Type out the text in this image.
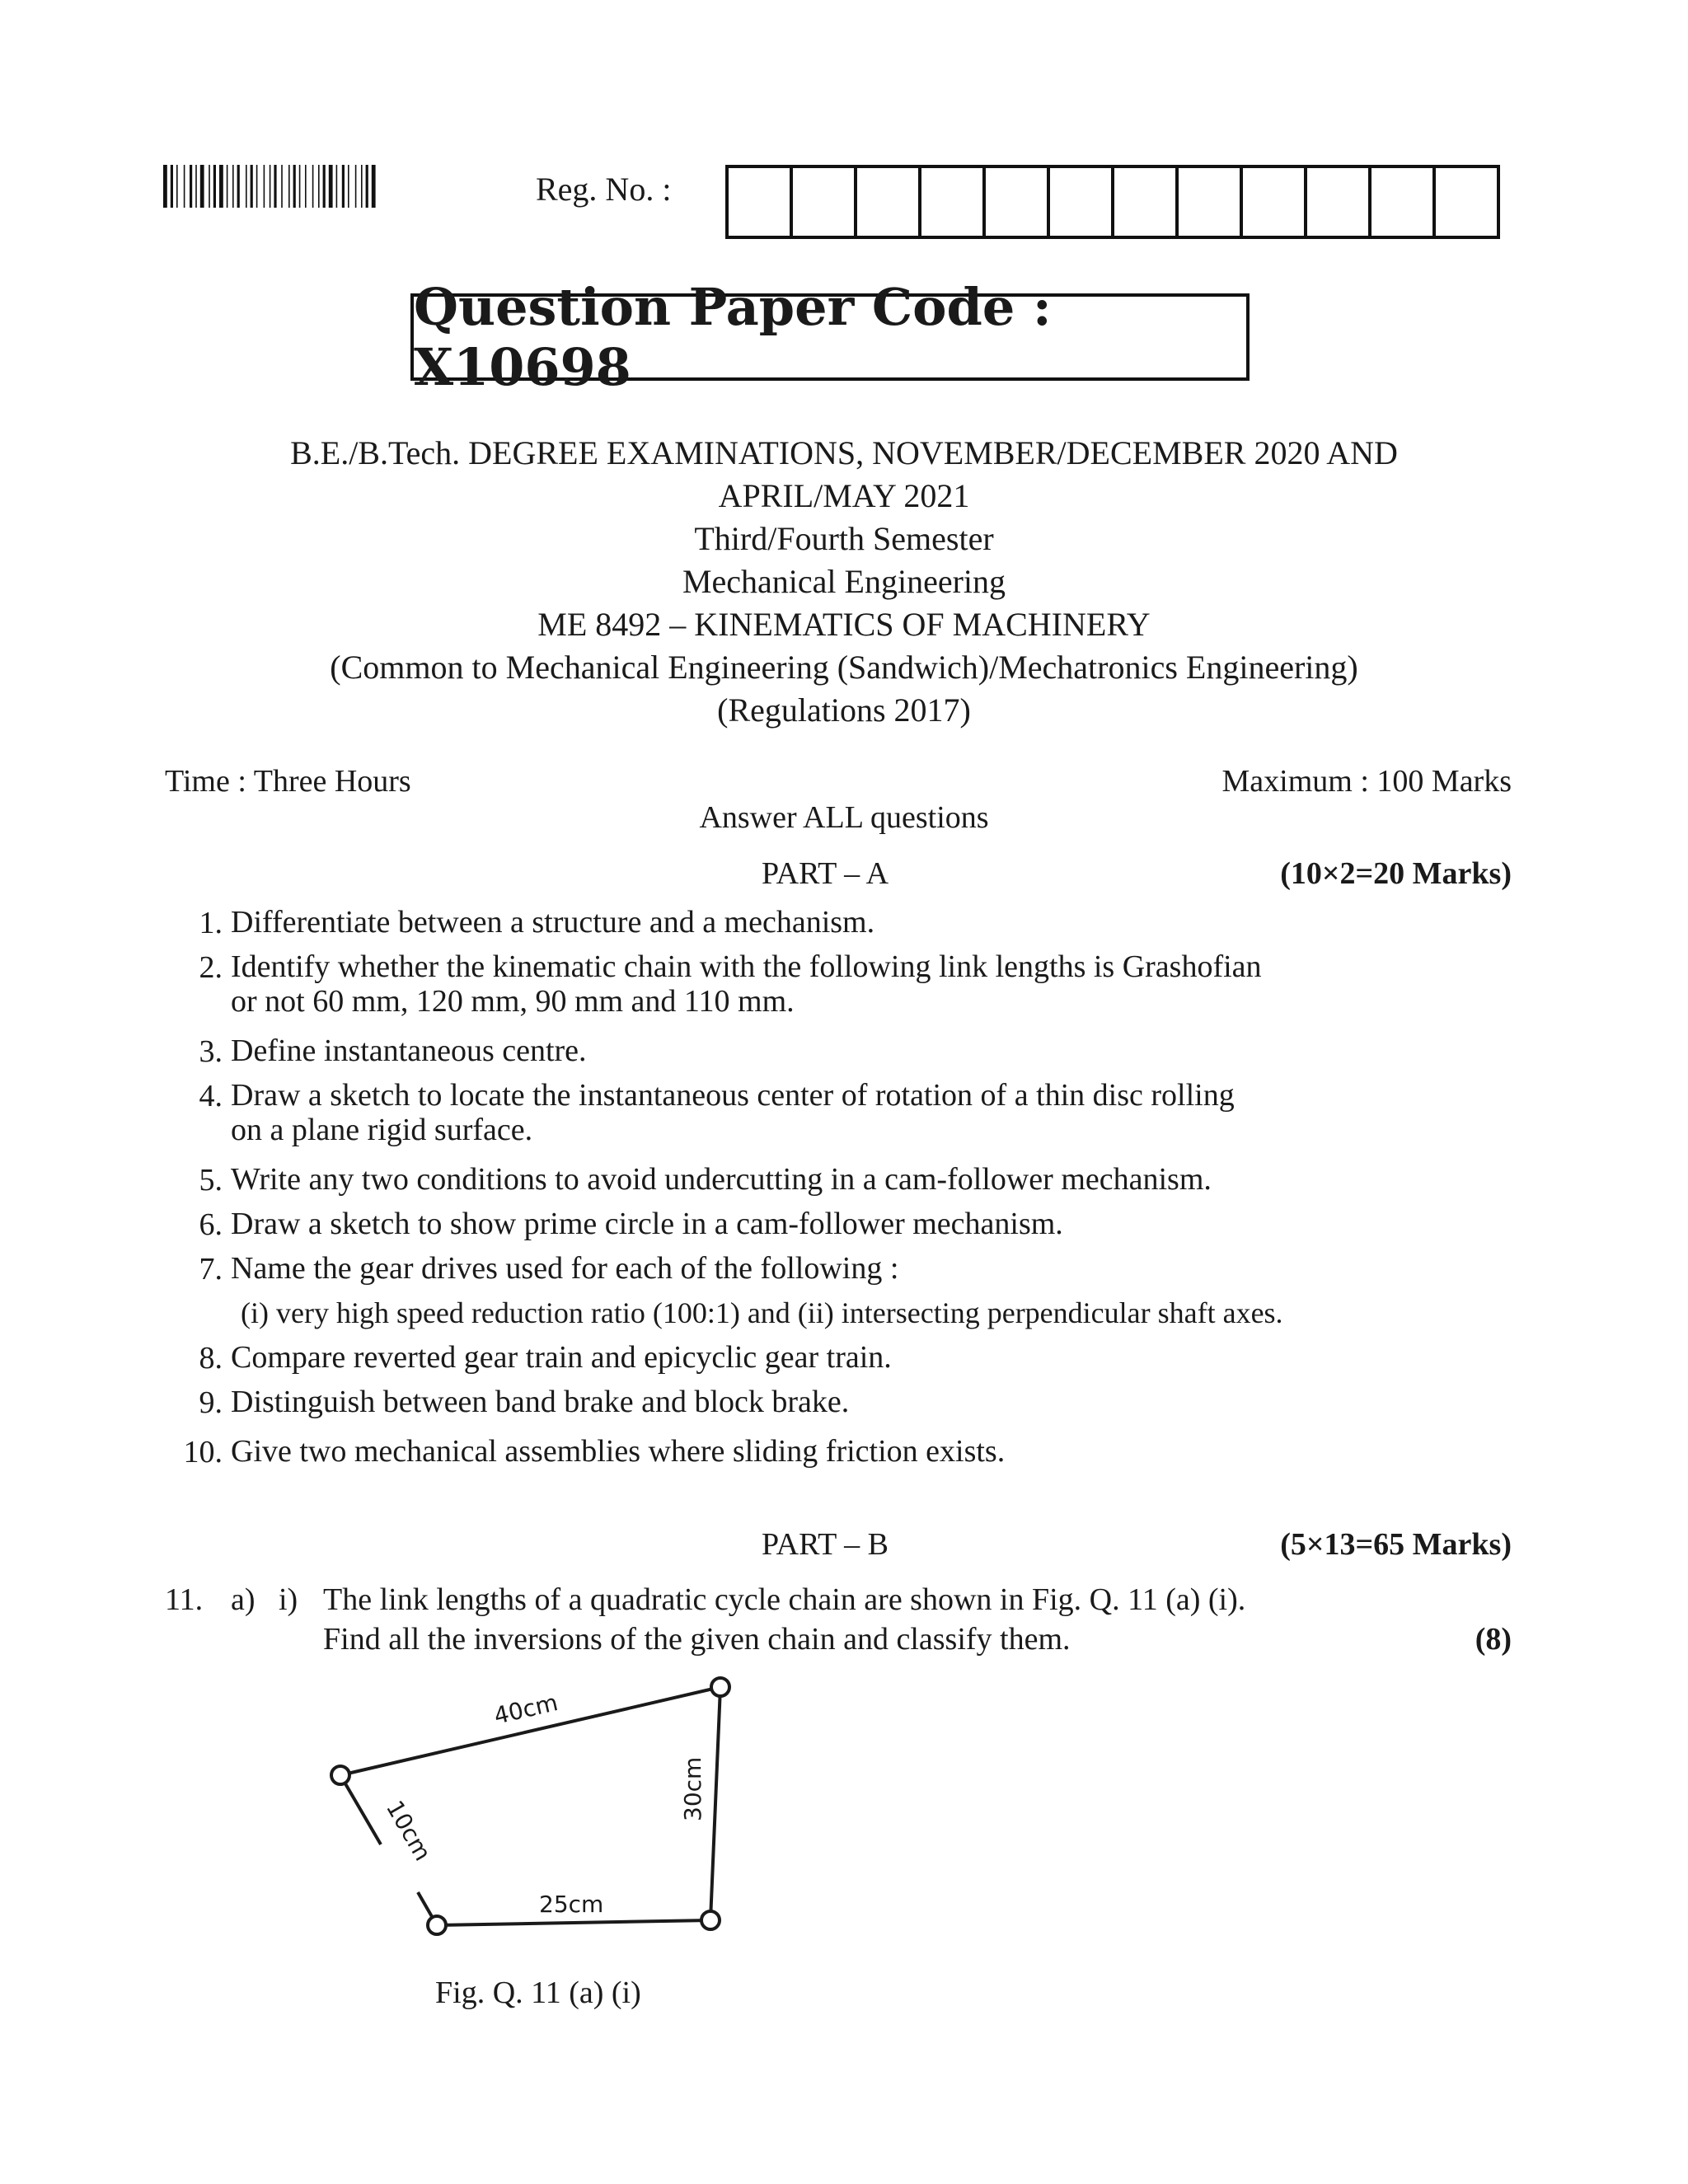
Reg. No. :
Question Paper Code : X10698
B.E./B.Tech. DEGREE EXAMINATIONS, NOVEMBER/DECEMBER 2020 AND
APRIL/MAY 2021
Third/Fourth Semester
Mechanical Engineering
ME 8492 – KINEMATICS OF MACHINERY
(Common to Mechanical Engineering (Sandwich)/Mechatronics Engineering)
(Regulations 2017)
Time : Three Hours	Maximum : 100 Marks
Answer ALL questions
PART – A	(10×2=20 Marks)
1. Differentiate between a structure and a mechanism.
2. Identify whether the kinematic chain with the following link lengths is Grashofian
or not 60 mm, 120 mm, 90 mm and 110 mm.
3. Define instantaneous centre.
4. Draw a sketch to locate the instantaneous center of rotation of a thin disc rolling
on a plane rigid surface.
5. Write any two conditions to avoid undercutting in a cam-follower mechanism.
6. Draw a sketch to show prime circle in a cam-follower mechanism.
7. Name the gear drives used for each of the following :
(i) very high speed reduction ratio (100:1) and (ii) intersecting perpendicular shaft axes.
8. Compare reverted gear train and epicyclic gear train.
9. Distinguish between band brake and block brake.
10. Give two mechanical assemblies where sliding friction exists.
PART – B	(5×13=65 Marks)
11. a) i) The link lengths of a quadratic cycle chain are shown in Fig. Q. 11 (a) (i).
Find all the inversions of the given chain and classify them.	(8)
40cm
30cm
10cm
25cm
Fig. Q. 11 (a) (i)
